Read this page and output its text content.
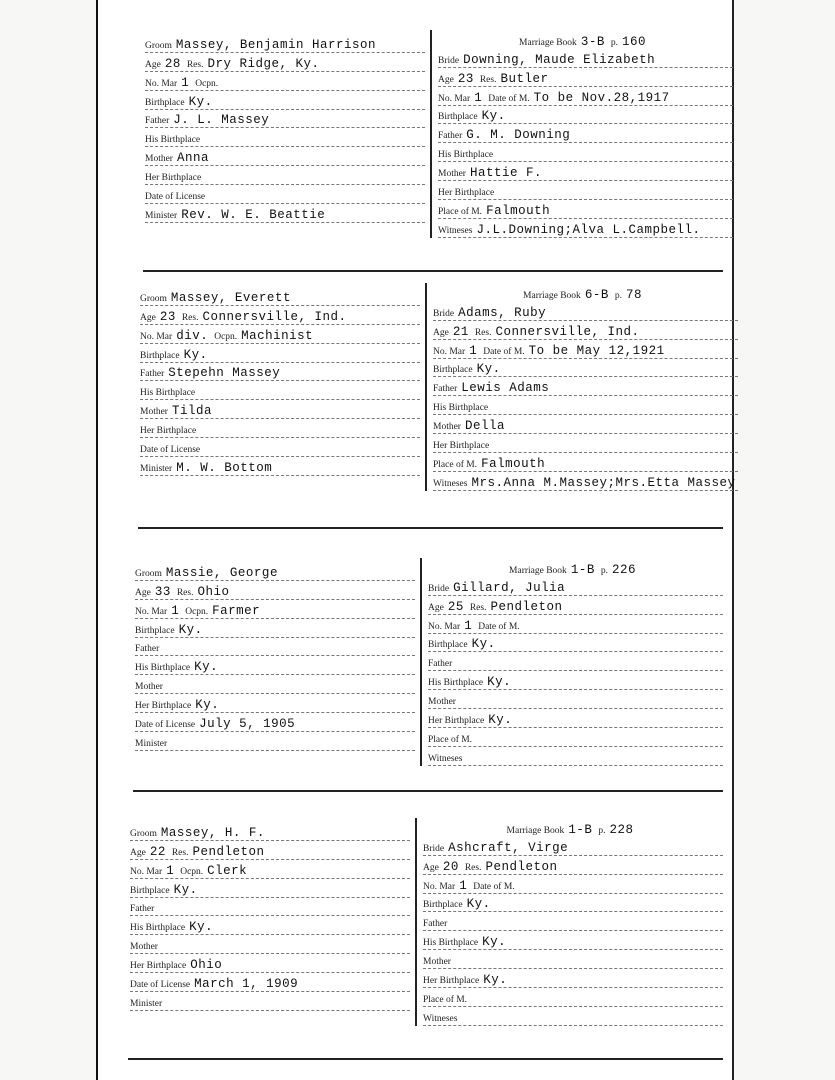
Groom Massey, Benjamin Harrison
Age 28 Res. Dry Ridge, Ky.
No. Mar 1 Ocpn.
Birthplace Ky.
Father J. L. Massey
His Birthplace
Mother Anna
Her Birthplace
Date of License
Minister Rev. W. E. Beattie
Marriage Book 3-B p. 160
Bride Downing, Maude Elizabeth
Age 23 Res. Butler
No. Mar 1 Date of M. To be Nov.28,1917
Birthplace Ky.
Father G. M. Downing
His Birthplace
Mother Hattie F.
Her Birthplace
Place of M. Falmouth
Witneses J.L.Downing;Alva L.Campbell.
Groom Massey, Everett
Age 23 Res. Connersville, Ind.
No. Mar div. Ocpn. Machinist
Birthplace Ky.
Father Stepehn Massey
His Birthplace
Mother Tilda
Her Birthplace
Date of License
Minister M. W. Bottom
Marriage Book 6-B p. 78
Bride Adams, Ruby
Age 21 Res. Connersville, Ind.
No. Mar 1 Date of M. To be May 12,1921
Birthplace Ky.
Father Lewis Adams
His Birthplace
Mother Della
Her Birthplace
Place of M. Falmouth
Witneses Mrs.Anna M.Massey;Mrs.Etta Massey
Groom Massie, George
Age 33 Res. Ohio
No. Mar 1 Ocpn. Farmer
Birthplace Ky.
Father
His Birthplace Ky.
Mother
Her Birthplace Ky.
Date of License July 5, 1905
Minister
Marriage Book 1-B p. 226
Bride Gillard, Julia
Age 25 Res. Pendleton
No. Mar 1 Date of M.
Birthplace Ky.
Father
His Birthplace Ky.
Mother
Her Birthplace Ky.
Place of M.
Witneses
Groom Massey, H. F.
Age 22 Res. Pendleton
No. Mar 1 Ocpn. Clerk
Birthplace Ky.
Father
His Birthplace Ky.
Mother
Her Birthplace Ohio
Date of License March 1, 1909
Minister
Marriage Book 1-B p. 228
Bride Ashcraft, Virge
Age 20 Res. Pendleton
No. Mar 1 Date of M.
Birthplace Ky.
Father
His Birthplace Ky.
Mother
Her Birthplace Ky.
Place of M.
Witneses
